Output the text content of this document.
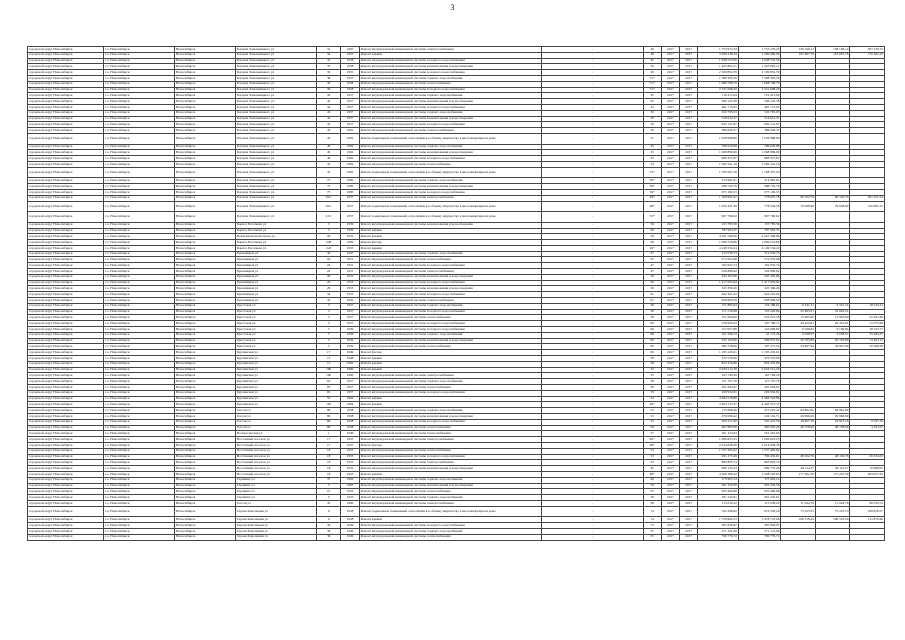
3
городской округ Новосибирск	г.о. Новосибирск	Новосибирск	Богдана Хмельницкого ул	31	1967	Ремонт внутридомовой инженерной системы электроснабжения	-	46	2017	2017	1 753 972,34	1 753 279,20	158 169,12	158 169,12	307 230,52
городской округ Новосибирск	г.о. Новосибирск	Новосибирск	Богдана Хмельницкого ул	34	1955	Ремонт крыши	-	48	2017	2017	3 929 238,34	1 290 460,00	167 667,76	167 667,76	710 302,23
городской округ Новосибирск	г.о. Новосибирск	Новосибирск	Богдана Хмельницкого ул	35	1958	Ремонт внутридомовой инженерной системы холодного водоснабжения	-	45	2017	2017	1 648 553,56	1 648 553,56			
городской округ Новосибирск	г.о. Новосибирск	Новосибирск	Богдана Хмельницкого ул	35	1958	Ремонт внутридомовой инженерной системы канализования и водоотведения	-	30	2017	2017	1 425 802,21	1 425 802,21			
городской округ Новосибирск	г.о. Новосибирск	Новосибирск	Богдана Хмельницкого ул	36	1955	Ремонт внутридомовой инженерной системы холодного водоснабжения	-	50	2017	2017	2 109 852,79	2 109 852,79			
городской округ Новосибирск	г.о. Новосибирск	Новосибирск	Богдана Хмельницкого ул	38	1957	Ремонт внутридомовой инженерной системы горячего водоснабжения	-	51*	2017	2017	1 588 395,50	1 588 395,50			
городской округ Новосибирск	г.о. Новосибирск	Новосибирск	Богдана Хмельницкого ул	39	1958	Ремонт внутридомовой инженерной системы теплоснабжения	-	51*	2017	2017	1 668 798,79	1 668 798,79			
городской округ Новосибирск	г.о. Новосибирск	Новосибирск	Богдана Хмельницкого ул	39	1958	Ремонт внутридомовой инженерной системы холодного водоснабжения	-	51*	2017	2017	2 521 098,29	2 521 098,29			
городской округ Новосибирск	г.о. Новосибирск	Новосибирск	Богдана Хмельницкого ул	42	1957	Ремонт внутридомовой инженерной системы горячего водоснабжения	-	45	2017	2017	719 415,64	719 415,64			
городской округ Новосибирск	г.о. Новосибирск	Новосибирск	Богдана Хмельницкого ул	42	1957	Ремонт внутридомовой инженерной системы канализования и водоотведения	-	45	2017	2017	596 122,38	596 122,38			
городской округ Новосибирск	г.о. Новосибирск	Новосибирск	Богдана Хмельницкого ул	42	1957	Ремонт внутридомовой инженерной системы холодного водоснабжения	-	45	2017	2017	481 715,65	481 715,65			
городской округ Новосибирск	г.о. Новосибирск	Новосибирск	Богдана Хмельницкого ул	43	1957	Ремонт внутридомовой инженерной системы горячего водоснабжения	-	50	2017	2017	520 795,03	520 795,03			
городской округ Новосибирск	г.о. Новосибирск	Новосибирск	Богдана Хмельницкого ул	43	1957	Ремонт внутридомовой инженерной системы канализования и водоотведения	-	50	2017	2017	516 612,37	516 612,37			
городской округ Новосибирск	г.о. Новосибирск	Новосибирск	Богдана Хмельницкого ул	43	1957	Ремонт внутридомовой инженерной системы холодного водоснабжения	-	50	2017	2017	645 121,87	645 121,87			
городской округ Новосибирск	г.о. Новосибирск	Новосибирск	Богдана Хмельницкого ул	43	1962	Ремонт внутридомовой инженерной системы электроснабжения	-	30	2017	2017	386 626,37	386 626,37			
городской округ Новосибирск	г.о. Новосибирск	Новосибирск	Богдана Хмельницкого ул	43	1962	Ремонт подвальных помещений, относящихся к общему имуществу в многоквартирном доме	-	31	2017	2017	1 039 988,80	1 039 988,80			
городской округ Новосибирск	г.о. Новосибирск	Новосибирск	Богдана Хмельницкого ул	49	1962	Ремонт внутридомовой инженерной системы горячего водоснабжения	-	35	2017	2017	799 629,98	799 629,98			
городской округ Новосибирск	г.о. Новосибирск	Новосибирск	Богдана Хмельницкого ул	49	1962	Ремонт внутридомовой инженерной системы канализования и водоотведения	-	35	2017	2017	1 068 896,99	1 068 896,99			
городской округ Новосибирск	г.о. Новосибирск	Новосибирск	Богдана Хмельницкого ул	49	1962	Ремонт внутридомовой инженерной системы холодного водоснабжения	-	35	2017	2017	986 457,87	986 457,87			
городской округ Новосибирск	г.о. Новосибирск	Новосибирск	Богдана Хмельницкого ул	45	1962	Ремонт внутридомовой инженерной системы теплоснабжения	-	33	2017	2017	1 282 341,19	1 282 341,19			
городской округ Новосибирск	г.о. Новосибирск	Новосибирск	Богдана Хмельницкого ул	45	1962	Ремонт подвальных помещений, относящихся к общему имуществу в многоквартирном доме	-	53*	2017	2017	1 768 597,29	1 768 597,29			
городской округ Новосибирск	г.о. Новосибирск	Новосибирск	Богдана Хмельницкого ул	75	1985	Ремонт внутридомовой инженерной системы горячего водоснабжения	-	36*	2017	2017	514 981,61	514 981,61			
городской округ Новосибирск	г.о. Новосибирск	Новосибирск	Богдана Хмельницкого ул	75	1985	Ремонт внутридомовой инженерной системы канализования и водоотведения	-	36*	2017	2017	288 742,76	288 742,76			
городской округ Новосибирск	г.о. Новосибирск	Новосибирск	Богдана Хмельницкого ул	75	1985	Ремонт внутридомовой инженерной системы холодного водоснабжения	-	36*	2017	2017	675 182,53	675 182,53			
городской округ Новосибирск	г.о. Новосибирск	Новосибирск	Богдана Хмельницкого ул	29/1	1957	Ремонт внутридомовой инженерной системы электроснабжения	-	48*	2017	2017	1 169 961,61	778 607,78	90 102,79	90 102,79	301 251,04
городской округ Новосибирск	г.о. Новосибирск	Новосибирск	Богдана Хмельницкого ул	29/1	1957	Ремонт подвальных помещений, относящихся к общему имуществу в многоквартирном доме	-	48*	2017	2017	1 030 441,39	778 504,78	79 638,99	79 638,99	129 695,15
городской округ Новосибирск	г.о. Новосибирск	Новосибирск	Богдана Хмельницкого ул	41/1	1957	Ремонт подвальных помещений, относящихся к общему имуществу в многоквартирном доме	-	53*	2017	2017	997 790,62	997 790,62			
городской округ Новосибирск	г.о. Новосибирск	Новосибирск	Бориса Богаткова ул	3	1959	Ремонт внутридомовой инженерной системы канализования и водоотведения	-	56	2017	2017	155 783,56	155 783,56			
городской округ Новосибирск	г.о. Новосибирск	Новосибирск	Бориса Богаткова ул	3	1959	Ремонт крыши	-	56	2017	2017	787 903,37	787 903,37			
городской округ Новосибирск	г.о. Новосибирск	Новосибирск	Вокзальная магистраль ул	26	1955	Ремонт крыши	-	59	2017	2017	4 291 596,96	4 291 596,96			
городской округ Новосибирск	г.о. Новосибирск	Новосибирск	Бориса Богаткова ул	248	1962	Ремонт фасада	-	46	2017	2017	1 099 516,86	1 099 516,86			
городской округ Новосибирск	г.о. Новосибирск	Новосибирск	Бориса Богаткова ул	243	1955	Ремонт крыши	-	49*	2017	2017	4 149 534,24	4 149 534,24			
городской округ Новосибирск	г.о. Новосибирск	Новосибирск	Бронницкая ул	30	1947	Ремонт внутридомовой инженерной системы горячего водоснабжения	-	47	2017	2017	212 036,73	212 036,73			
городской округ Новосибирск	г.о. Новосибирск	Новосибирск	Бронницкая ул	24	1951	Ремонт внутридомовой инженерной системы теплоснабжения	-	47	2017	2017	272 955,68	272 955,68			
городской округ Новосибирск	г.о. Новосибирск	Новосибирск	Бронницкая ул	24	1951	Ремонт внутридомовой инженерной системы холодного водоснабжения	-	47	2017	2017	162 932,74	162 932,74			
городской округ Новосибирск	г.о. Новосибирск	Новосибирск	Бронницкая ул	24	1951	Ремонт внутридомовой инженерной системы электроснабжения	-	47	2017	2017	529 890,92	529 890,92			
городской округ Новосибирск	г.о. Новосибирск	Новосибирск	Бронницкая ул	29	1953	Ремонт внутридомовой инженерной системы канализования и водоотведения	-	56	2017	2017	445 305,86	445 305,86			
городской округ Новосибирск	г.о. Новосибирск	Новосибирск	Бронницкая ул	29	1953	Ремонт внутридомовой инженерной системы холодного водоснабжения	-	56	2017	2017	1 417 655,64	1 417 655,64			
городской округ Новосибирск	г.о. Новосибирск	Новосибирск	Бронницкая ул	29	1953	Ремонт внутридомовой инженерной системы канализования и водоотведения	-	56	2017	2017	325 396,26	325 396,26			
городской округ Новосибирск	г.о. Новосибирск	Новосибирск	Бронницкая ул	34	1955	Ремонт внутридомовой инженерной системы холодного водоснабжения	-	61	2017	2017	622 201,62	622 201,62			
городской округ Новосибирск	г.о. Новосибирск	Новосибирск	Бронницкая ул	34	1945	Ремонт внутридомовой инженерной системы электроснабжения	-	61	2017	2017	658 809,59	658 809,59			
городской округ Новосибирск	г.о. Новосибирск	Новосибирск	Брестская ул	3	1957	Ремонт внутридомовой инженерной системы горячего водоснабжения	-	58	2017	2017	151 882,94	124 189,61	9 341,31	9 341,31	18 329,21
городской округ Новосибирск	г.о. Новосибирск	Новосибирск	Брестская ул	3	1957	Ремонт внутридомовой инженерной системы холодного водоснабжения	-	58	2017	2017	171 210,68	153 220,94	25 693,21	25 693,21	
городской округ Новосибирск	г.о. Новосибирск	Новосибирск	Брестская ул	3	1957	Ремонт внутридомовой инженерной системы теплоснабжения	-	58	2017	2017	331 664,82	232 215,58	13 995,60	13 995,60	25 461,69
городской округ Новосибирск	г.о. Новосибирск	Новосибирск	Брестская ул	3	1957	Ремонт внутридомовой инженерной системы холодного водоснабжения	-	69	2017	2017	258 695,63	197 786,71	29 425,81	29 425,81	11 075,98
городской округ Новосибирск	г.о. Новосибирск	Новосибирск	Брестская ул	5	1959	Ремонт внутридомовой инженерной системы холодного водоснабжения	-	69	2017	2017	157 657,89	122 099,82	9 199,84	9 199,84	18 193,77
городской округ Новосибирск	г.о. Новосибирск	Новосибирск	Брестская ул	5	1959	Ремонт внутридомовой инженерной системы горячего водоснабжения	-	69	2017	2017	101 568,13	41 173,26	5 038,57	5 038,57	55 284,37
городской округ Новосибирск	г.о. Новосибирск	Новосибирск	Брестская ул	5	1959	Ремонт внутридомовой инженерной системы канализования и водоотведения	-	69	2017	2017	335 162,80	299 875,62	20 793,89	20 793,89	14 493,12
городской округ Новосибирск	г.о. Новосибирск	Новосибирск	Брестская ул	5	1959	Ремонт внутридомовой инженерной системы теплоснабжения	-	69	2017	2017	282 738,06	197 371,54	34 997,94	34 997,94	50 368,58
городской округ Новосибирск	г.о. Новосибирск	Новосибирск	Бурлинская ул	17	1949	Ремонт фасада	-	69	2017	2017	1 195 245,61	1 195 245,61			
городской округ Новосибирск	г.о. Новосибирск	Новосибирск	Бурлинская ул	13	1948	Ремонт крыши	-	58	2017	2017	470 519,06	470 519,06			
городской округ Новосибирск	г.о. Новосибирск	Новосибирск	Бурлинская ул	15	1962	Ремонт крыши	-	58	2017	2017	824 476,86	824 476,86			
городской округ Новосибирск	г.о. Новосибирск	Новосибирск	Бурлинская ул	19b	1960	Ремонт крыши	-	55	2017	2017	2 626 512,30	2 626 512,30			
городской округ Новосибирск	г.о. Новосибирск	Новосибирск	Бурлинская ул	19b	1960	Ремонт внутридомовой инженерной системы электроснабжения	-	55	2017	2017	163 799,20	163 799,20			
городской округ Новосибирск	г.о. Новосибирск	Новосибирск	Бурлинская ул	65	1957	Ремонт внутридомовой инженерной системы горячего водоснабжения	-	58	2017	2017	121 707,76	121 707,76			
городской округ Новосибирск	г.о. Новосибирск	Новосибирск	Бурлинская ул	65	1957	Ремонт внутридомовой инженерной системы теплоснабжения	-	58	2017	2017	291 994,67	291 994,67			
городской округ Новосибирск	г.о. Новосибирск	Новосибирск	Бурлинская ул	65	1957	Ремонт внутридомовой инженерной системы холодного водоснабжения	-	59	2017	2017	220 932,81	220 932,81			
городской округ Новосибирск	г.о. Новосибирск	Новосибирск	Бурлинская ул	53	1962	Ремонт крыши	-	54	2017	2017	4 484 518,86	4 484 518,86			
городской округ Новосибирск	г.о. Новосибирск	Новосибирск	Бурлинская ул	165	1964	Ремонт крыши	-	49*	2017	2017	4 493 313,37	4 493 313,37			
городской округ Новосибирск	г.о. Новосибирск	Новосибирск	Гоголя ул	86	1958	Ремонт внутридомовой инженерной системы горячего водоснабжения	-	53	2017	2017	115 698,46	215 291,41	64 861,82	64 861,82	
городской округ Новосибирск	г.о. Новосибирск	Новосибирск	Гоголя ул	86	1958	Ремонт внутридомовой инженерной системы канализования и водоотведения	-	55	2017	2017	276 006,42	226 161,71	29 996,69	29 996,69	
городской округ Новосибирск	г.о. Новосибирск	Новосибирск	Гоголя ул	86	1958	Ремонт внутридомовой инженерной системы холодного водоснабжения	-	55	2017	2017	584 271,96	520 447,59	18 827,18	18 827,18	9 197,39
городской округ Новосибирск	г.о. Новосибирск	Новосибирск	Гоголя ул	86	1958	Ремонт внутридомовой инженерной системы теплоснабжения	-	59	2017	2017	497 883,89	485 905,29	48 758,99	48 758,99	4 193,07
городской округ Новосибирск	г.о. Новосибирск	Новосибирск	Воскресенская ул	1	1946	Ремонт внутридомовой инженерной системы теплоснабжения	-	57	2017	2017	561 453,63	561 410,03			
городской округ Новосибирск	г.о. Новосибирск	Новосибирск	Восточный поселок ул	17	1955	Ремонт внутридомовой инженерной системы электроснабжения	-	69*	2017	2017	1 006 823,25	1 006 823,25			
городской округ Новосибирск	г.о. Новосибирск	Новосибирск	Восточный поселок ул	17	1955	Ремонт фасада	-	69*	2017	2017	2 614 658,36	2 614 658,36			
городской округ Новосибирск	г.о. Новосибирск	Новосибирск	Восточный поселок ул	18	1955	Ремонт внутридомовой инженерной системы теплоснабжения	-	53	2017	2017	1 537 495,62	1 537 495,62			
городской округ Новосибирск	г.о. Новосибирск	Новосибирск	Восточный поселок ул	18	1955	Ремонт внутридомовой инженерной системы холодного водоснабжения	-	53	2017	2017	931 273,49	796 432,61	48 102,76	48 102,76	29 354,05
городской округ Новосибирск	г.о. Новосибирск	Новосибирск	Восточный поселок ул	18	1955	Ремонт внутридомовой инженерной системы электроснабжения	-	53	2017	2017	893 805,74	893 805,74			
городской округ Новосибирск	г.о. Новосибирск	Новосибирск	Восточный поселок ул	18	1955	Ремонт внутридомовой инженерной системы канализования и водоотведения	-	45	2017	2017	690 123,23	660 772,28	49 114,37	49 114,37	19 698,05
городской округ Новосибирск	г.о. Новосибирск	Новосибирск	Восточный поселок ул	18	1955	Ремонт крыши	-	48*	2017	2017	4 508 386,22	1 568 593,85	177 261,59	177 261,59	263 657,63
городской округ Новосибирск	г.о. Новосибирск	Новосибирск	Гаранина ул	37	1962	Ремонт внутридомовой инженерной системы горячего водоснабжения	-	60	2017	2017	175 903,14	175 903,14			
городской округ Новосибирск	г.о. Новосибирск	Новосибирск	Гаранина ул	5	1963	Ремонт внутридомовой инженерной системы канализования и водоотведения	-	59	2017	2017	291 250,56	291 250,56			
городской округ Новосибирск	г.о. Новосибирск	Новосибирск	Гаранина ул	21	1955	Ремонт внутридомовой инженерной системы теплоснабжения	-	52	2017	2017	635 460,89	635 460,89			
городской округ Новосибирск	г.о. Новосибирск	Новосибирск	Гаранина ул	5	1955	Ремонт внутридомовой инженерной системы горячего водоснабжения	-	59	2017	2017	561 245,61	561 245,61			
городской округ Новосибирск	г.о. Новосибирск	Новосибирск	Гоголя ул	45	1960	Ремонт внутридомовой инженерной системы электроснабжения	-	58	2017	2017	115 039,22	115 039,22	11 044,76	11 044,76	68 550,74
городской округ Новосибирск	г.о. Новосибирск	Новосибирск	Героев Революции ул	9	1938	Ремонт подвальных помещений, относящихся к общему имуществу в многоквартирном доме	-	74	2017	2017	792 298,92	676 530,24	75 223,55	75 223,55	108 678,57
городской округ Новосибирск	г.о. Новосибирск	Новосибирск	Героев Революции ул	9	1938	Ремонт крыши	-	74	2017	2017	1 758 902,23	1 478 723,66	168 318,29	168 318,29	115 879,69
городской округ Новосибирск	г.о. Новосибирск	Новосибирск	Героев Революции ул	36	1949	Ремонт внутридомовой инженерной системы холодного водоснабжения	-	75	2017	2017	387 836,97	387 836,97			
городской округ Новосибирск	г.о. Новосибирск	Новосибирск	Героев Революции ул	36	1949	Ремонт внутридомовой инженерной системы горячего водоснабжения	-	55	2017	2017	271 101,06	271 101,06			
городской округ Новосибирск	г.о. Новосибирск	Новосибирск	Героев Революции ул	36	1949	Ремонт внутридомовой инженерной системы теплоснабжения	-	55	2017	2017	799 779,72	799 779,72			
